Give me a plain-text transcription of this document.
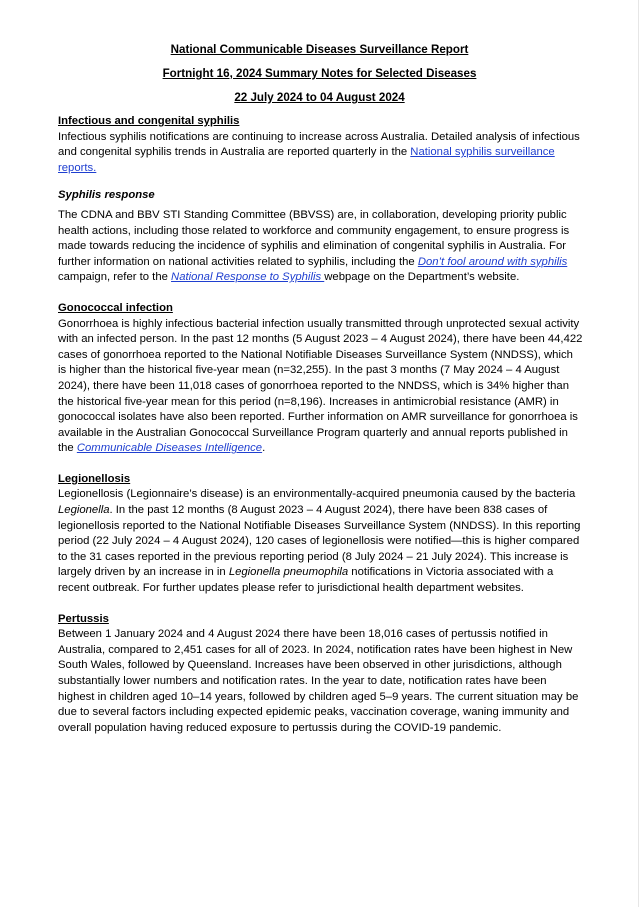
National Communicable Diseases Surveillance Report
Fortnight 16, 2024 Summary Notes for Selected Diseases
22 July 2024 to 04 August 2024

Infectious and congenital syphilis

Infectious syphilis notifications are continuing to increase across Australia. Detailed analysis of infectious and congenital syphilis trends in Australia are reported quarterly in the National syphilis surveillance reports.

Syphilis response

The CDNA and BBV STI Standing Committee (BBVSS) are, in collaboration, developing priority public health actions, including those related to workforce and community engagement, to ensure progress is made towards reducing the incidence of syphilis and elimination of congenital syphilis in Australia. For further information on national activities related to syphilis, including the Don’t fool around with syphilis campaign, refer to the National Response to Syphilis webpage on the Department’s website.

Gonococcal infection

Gonorrhoea is highly infectious bacterial infection usually transmitted through unprotected sexual activity with an infected person. In the past 12 months (5 August 2023 – 4 August 2024), there have been 44,422 cases of gonorrhoea reported to the National Notifiable Diseases Surveillance System (NNDSS), which is higher than the historical five-year mean (n=32,255). In the past 3 months (7 May 2024 – 4 August 2024), there have been 11,018 cases of gonorrhoea reported to the NNDSS, which is 34% higher than the historical five-year mean for this period (n=8,196). Increases in antimicrobial resistance (AMR) in gonococcal isolates have also been reported. Further information on AMR surveillance for gonorrhoea is available in the Australian Gonococcal Surveillance Program quarterly and annual reports published in the Communicable Diseases Intelligence.

Legionellosis

Legionellosis (Legionnaire’s disease) is an environmentally-acquired pneumonia caused by the bacteria Legionella. In the past 12 months (8 August 2023 – 4 August 2024), there have been 838 cases of legionellosis reported to the National Notifiable Diseases Surveillance System (NNDSS). In this reporting period (22 July 2024 – 4 August 2024), 120 cases of legionellosis were notified—this is higher compared to the 31 cases reported in the previous reporting period (8 July 2024 – 21 July 2024). This increase is largely driven by an increase in in Legionella pneumophila notifications in Victoria associated with a recent outbreak. For further updates please refer to jurisdictional health department websites.

Pertussis

Between 1 January 2024 and 4 August 2024 there have been 18,016 cases of pertussis notified in Australia, compared to 2,451 cases for all of 2023. In 2024, notification rates have been highest in New South Wales, followed by Queensland. Increases have been observed in other jurisdictions, although substantially lower numbers and notification rates. In the year to date, notification rates have been highest in children aged 10–14 years, followed by children aged 5–9 years. The current situation may be due to several factors including expected epidemic peaks, vaccination coverage, waning immunity and overall population having reduced exposure to pertussis during the COVID-19 pandemic.
